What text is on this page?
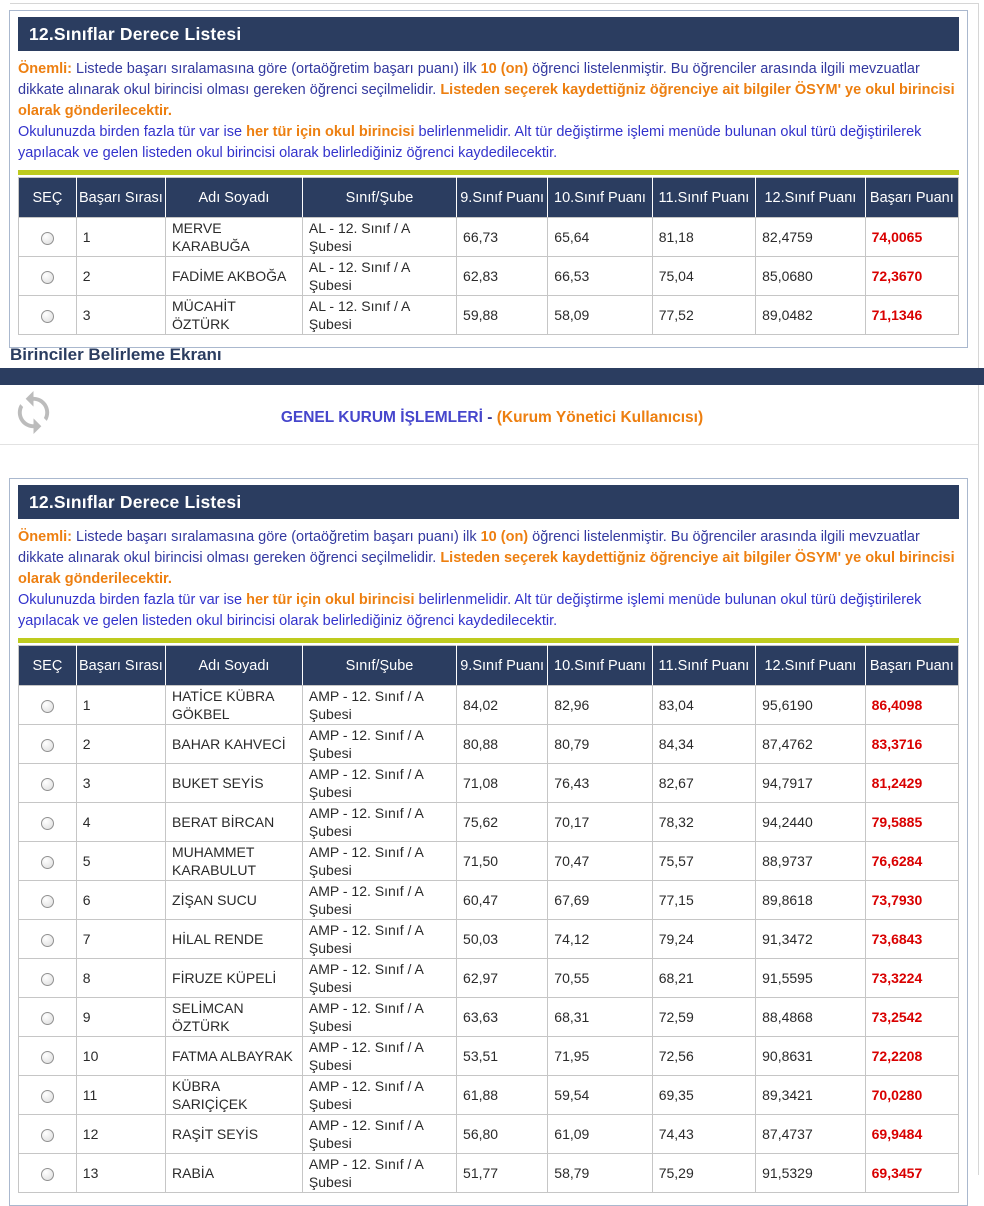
12.Sınıflar Derece Listesi
Önemli: Listede başarı sıralamasına göre (ortaöğretim başarı puanı) ilk 10 (on) öğrenci listelenmiştir. Bu öğrenciler arasında ilgili mevzuatlar dikkate alınarak okul birincisi olması gereken öğrenci seçilmelidir. Listeden seçerek kaydettiğniz öğrenciye ait bilgiler ÖSYM' ye okul birincisi olarak gönderilecektir.
Okulunuzda birden fazla tür var ise her tür için okul birincisi belirlenmelidir. Alt tür değiştirme işlemi menüde bulunan okul türü değiştirilerek yapılacak ve gelen listeden okul birincisi olarak belirlediğiniz öğrenci kaydedilecektir.
SEÇ	Başarı Sırası	Adı Soyadı	Sınıf/Şube	9.Sınıf Puanı	10.Sınıf Puanı	11.Sınıf Puanı	12.Sınıf Puanı	Başarı Puanı
	1	MERVE KARABUĞA	AL - 12. Sınıf / A Şubesi	66,73	65,64	81,18	82,4759	74,0065
	2	FADİME AKBOĞA	AL - 12. Sınıf / A Şubesi	62,83	66,53	75,04	85,0680	72,3670
	3	MÜCAHİT ÖZTÜRK	AL - 12. Sınıf / A Şubesi	59,88	58,09	77,52	89,0482	71,1346
Birinciler Belirleme Ekranı
GENEL KURUM İŞLEMLERİ - (Kurum Yönetici Kullanıcısı)
12.Sınıflar Derece Listesi
Önemli: Listede başarı sıralamasına göre (ortaöğretim başarı puanı) ilk 10 (on) öğrenci listelenmiştir. Bu öğrenciler arasında ilgili mevzuatlar dikkate alınarak okul birincisi olması gereken öğrenci seçilmelidir. Listeden seçerek kaydettiğniz öğrenciye ait bilgiler ÖSYM' ye okul birincisi olarak gönderilecektir.
Okulunuzda birden fazla tür var ise her tür için okul birincisi belirlenmelidir. Alt tür değiştirme işlemi menüde bulunan okul türü değiştirilerek yapılacak ve gelen listeden okul birincisi olarak belirlediğiniz öğrenci kaydedilecektir.
SEÇ	Başarı Sırası	Adı Soyadı	Sınıf/Şube	9.Sınıf Puanı	10.Sınıf Puanı	11.Sınıf Puanı	12.Sınıf Puanı	Başarı Puanı
	1	HATİCE KÜBRA GÖKBEL	AMP - 12. Sınıf / A Şubesi	84,02	82,96	83,04	95,6190	86,4098
	2	BAHAR KAHVECİ	AMP - 12. Sınıf / A Şubesi	80,88	80,79	84,34	87,4762	83,3716
	3	BUKET SEYİS	AMP - 12. Sınıf / A Şubesi	71,08	76,43	82,67	94,7917	81,2429
	4	BERAT BİRCAN	AMP - 12. Sınıf / A Şubesi	75,62	70,17	78,32	94,2440	79,5885
	5	MUHAMMET KARABULUT	AMP - 12. Sınıf / A Şubesi	71,50	70,47	75,57	88,9737	76,6284
	6	ZİŞAN SUCU	AMP - 12. Sınıf / A Şubesi	60,47	67,69	77,15	89,8618	73,7930
	7	HİLAL RENDE	AMP - 12. Sınıf / A Şubesi	50,03	74,12	79,24	91,3472	73,6843
	8	FİRUZE KÜPELİ	AMP - 12. Sınıf / A Şubesi	62,97	70,55	68,21	91,5595	73,3224
	9	SELİMCAN ÖZTÜRK	AMP - 12. Sınıf / A Şubesi	63,63	68,31	72,59	88,4868	73,2542
	10	FATMA ALBAYRAK	AMP - 12. Sınıf / A Şubesi	53,51	71,95	72,56	90,8631	72,2208
	11	KÜBRA SARIÇİÇEK	AMP - 12. Sınıf / A Şubesi	61,88	59,54	69,35	89,3421	70,0280
	12	RAŞİT SEYİS	AMP - 12. Sınıf / A Şubesi	56,80	61,09	74,43	87,4737	69,9484
	13	RABİA	AMP - 12. Sınıf / A Şubesi	51,77	58,79	75,29	91,5329	69,3457
